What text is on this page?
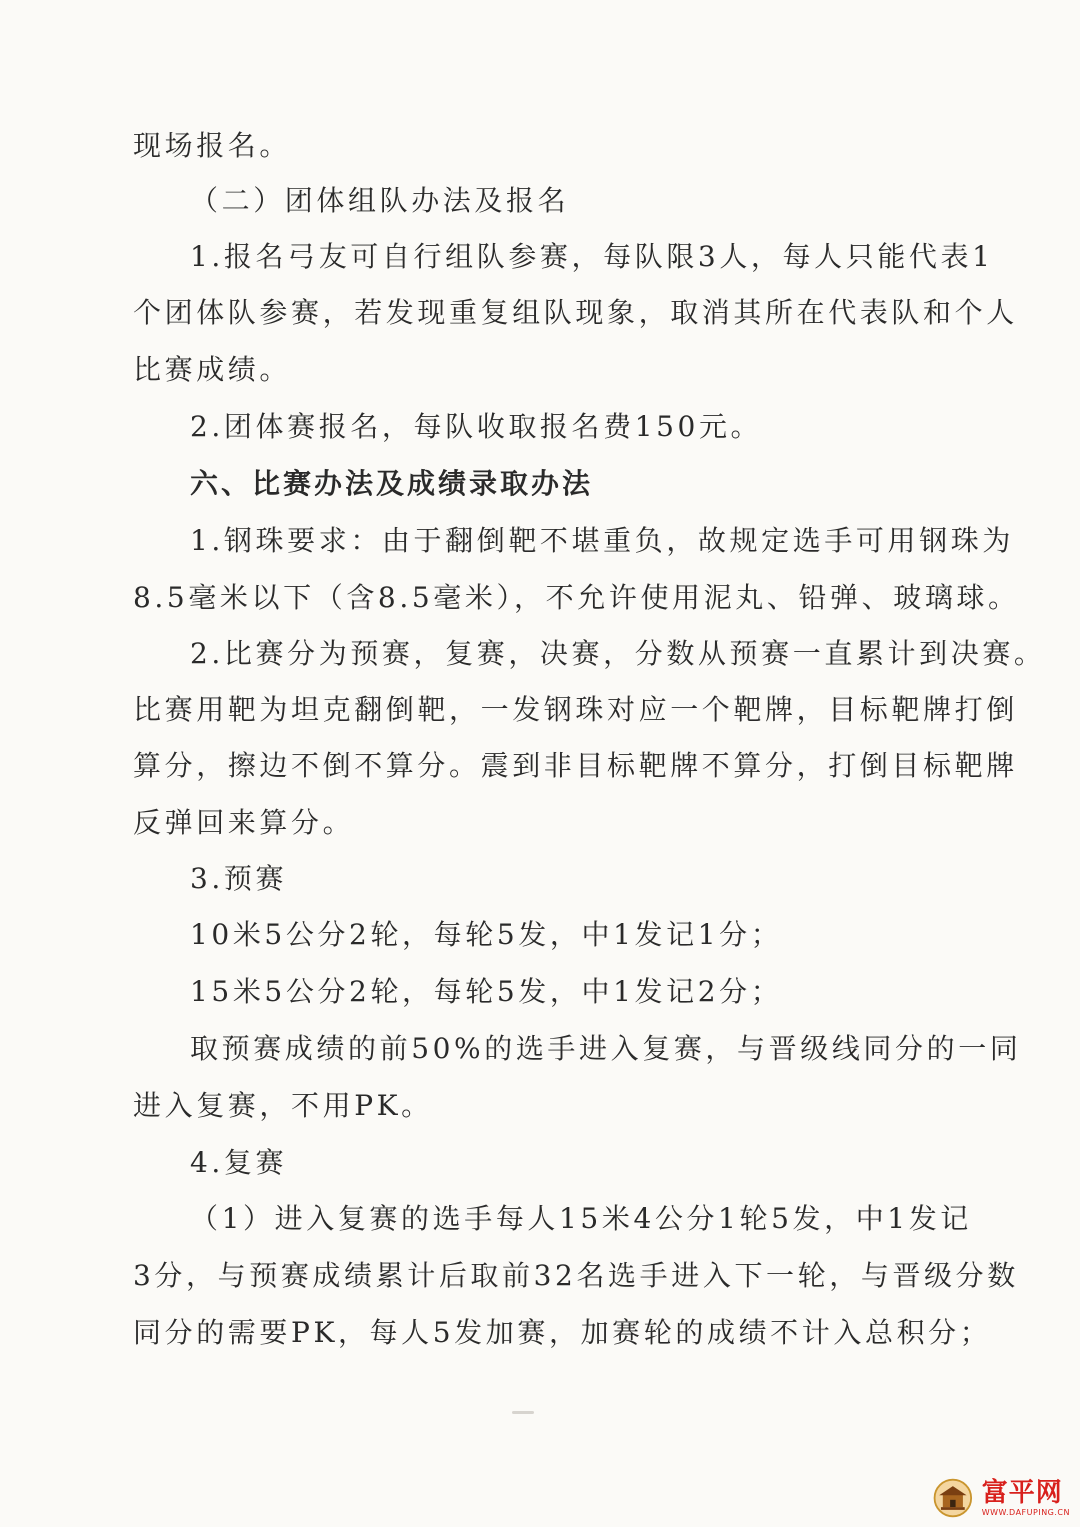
现场报名。
（二）团体组队办法及报名
1.报名弓友可自行组队参赛，每队限3人，每人只能代表1
个团体队参赛，若发现重复组队现象，取消其所在代表队和个人
比赛成绩。
2.团体赛报名，每队收取报名费150元。
六、比赛办法及成绩录取办法
1.钢珠要求：由于翻倒靶不堪重负，故规定选手可用钢珠为
8.5毫米以下（含8.5毫米），不允许使用泥丸、铅弹、玻璃球。
2.比赛分为预赛，复赛，决赛，分数从预赛一直累计到决赛。
比赛用靶为坦克翻倒靶，一发钢珠对应一个靶牌，目标靶牌打倒
算分，擦边不倒不算分。震到非目标靶牌不算分，打倒目标靶牌
反弹回来算分。
3.预赛
10米5公分2轮，每轮5发，中1发记1分；
15米5公分2轮，每轮5发，中1发记2分；
取预赛成绩的前50%的选手进入复赛，与晋级线同分的一同
进入复赛，不用PK。
4.复赛
（1）进入复赛的选手每人15米4公分1轮5发，中1发记
3分，与预赛成绩累计后取前32名选手进入下一轮，与晋级分数
同分的需要PK，每人5发加赛，加赛轮的成绩不计入总积分；
富平网
WWW.DAFUPING.CN
